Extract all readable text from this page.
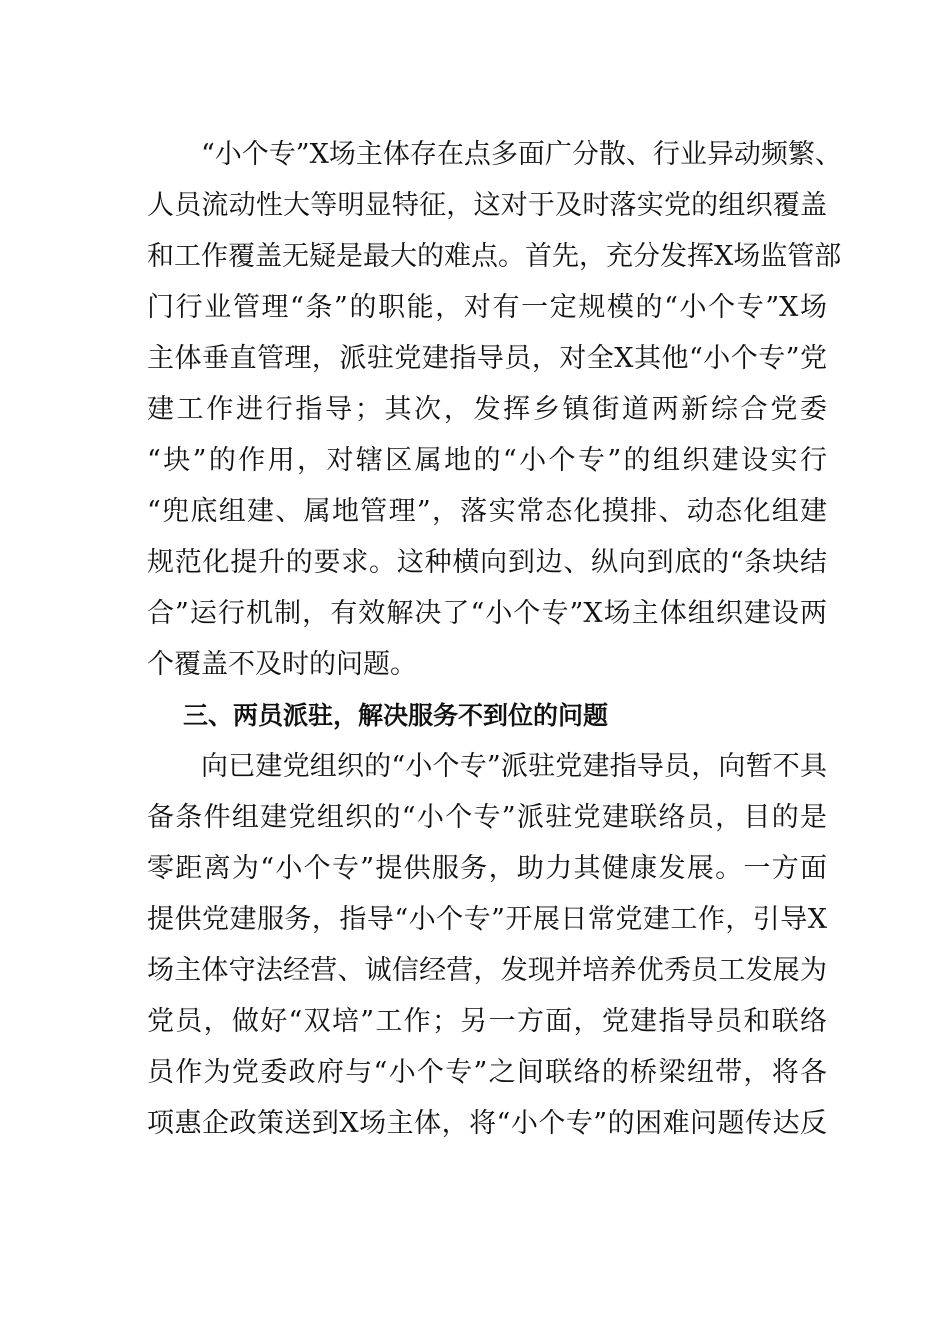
“小个专”X场主体存在点多面广分散、行业异动频繁、
人员流动性大等明显特征，这对于及时落实党的组织覆盖
和工作覆盖无疑是最大的难点。首先，充分发挥X场监管部
门行业管理“条”的职能，对有一定规模的“小个专”X场
主体垂直管理，派驻党建指导员，对全X其他“小个专”党
建工作进行指导；其次，发挥乡镇街道两新综合党委
“块”的作用，对辖区属地的“小个专”的组织建设实行
“兜底组建、属地管理”，落实常态化摸排、动态化组建
规范化提升的要求。这种横向到边、纵向到底的“条块结
合”运行机制，有效解决了“小个专”X场主体组织建设两
个覆盖不及时的问题。
三、两员派驻，解决服务不到位的问题
向已建党组织的“小个专”派驻党建指导员，向暂不具
备条件组建党组织的“小个专”派驻党建联络员，目的是
零距离为“小个专”提供服务，助力其健康发展。一方面
提供党建服务，指导“小个专”开展日常党建工作，引导X
场主体守法经营、诚信经营，发现并培养优秀员工发展为
党员，做好“双培”工作；另一方面，党建指导员和联络
员作为党委政府与“小个专”之间联络的桥梁纽带，将各
项惠企政策送到X场主体，将“小个专”的困难问题传达反
